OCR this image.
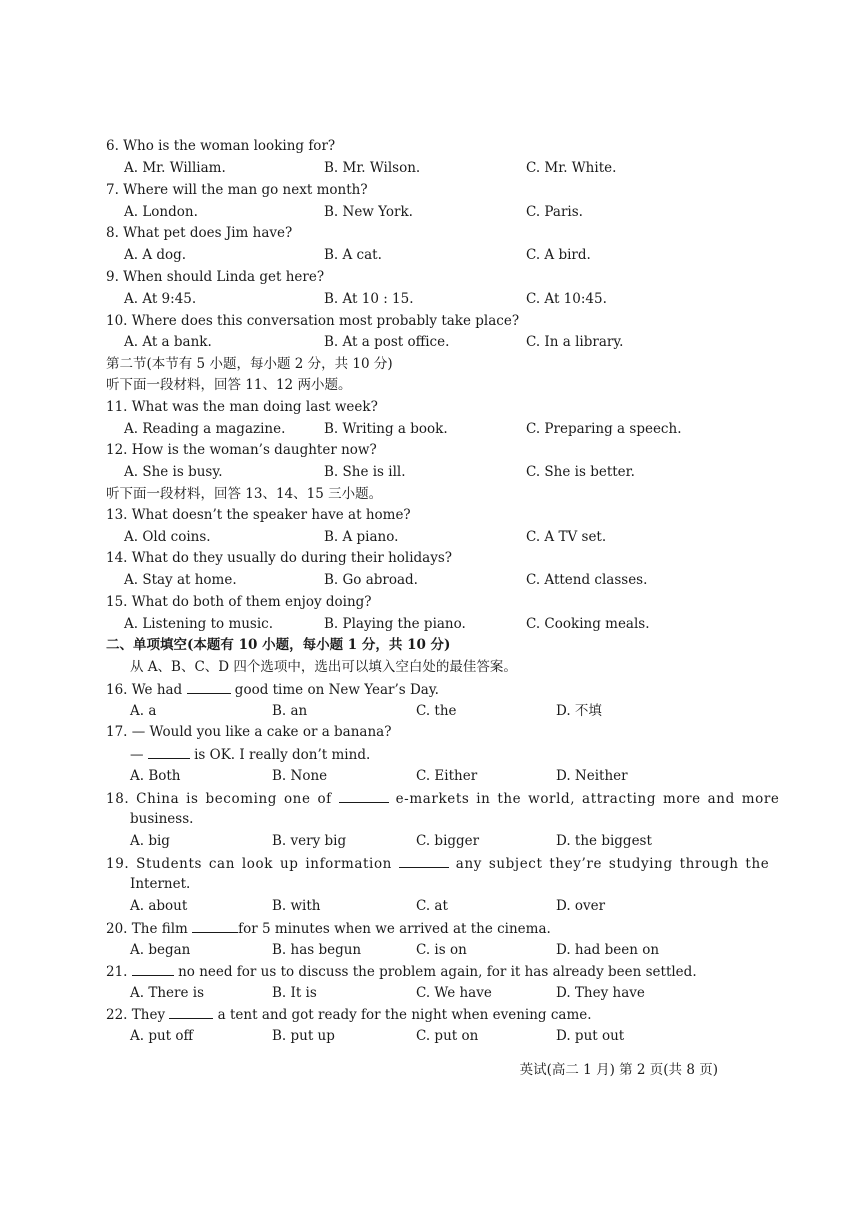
6. Who is the woman looking for?
A. Mr. William.	B. Mr. Wilson.	C. Mr. White.
7. Where will the man go next month?
A. London.	B. New York.	C. Paris.
8. What pet does Jim have?
A. A dog.	B. A cat.	C. A bird.
9. When should Linda get here?
A. At 9:45.	B. At 10 : 15.	C. At 10:45.
10. Where does this conversation most probably take place?
A. At a bank.	B. At a post office.	C. In a library.
第二节(本节有 5 小题，每小题 2 分，共 10 分)
听下面一段材料，回答 11、12 两小题。
11. What was the man doing last week?
A. Reading a magazine.	B. Writing a book.	C. Preparing a speech.
12. How is the woman’s daughter now?
A. She is busy.	B. She is ill.	C. She is better.
听下面一段材料，回答 13、14、15 三小题。
13. What doesn’t the speaker have at home?
A. Old coins.	B. A piano.	C. A TV set.
14. What do they usually do during their holidays?
A. Stay at home.	B. Go abroad.	C. Attend classes.
15. What do both of them enjoy doing?
A. Listening to music.	B. Playing the piano.	C. Cooking meals.
二、单项填空(本题有 10 小题，每小题 1 分，共 10 分)
从 A、B、C、D 四个选项中，选出可以填入空白处的最佳答案。
16. We had	good time on New Year’s Day.
A. a	B. an	C. the	D. 不填
17. — Would you like a cake or a banana?
—	is OK. I really don’t mind.
A. Both	B. None	C. Either	D. Neither
18. China is becoming one of	e-markets in the world, attracting more and more
business.
A. big	B. very big	C. bigger	D. the biggest
19. Students can look up information	any subject they’re studying through the
Internet.
A. about	B. with	C. at	D. over
20. The film	for 5 minutes when we arrived at the cinema.
A. began	B. has begun	C. is on	D. had been on
21.	no need for us to discuss the problem again, for it has already been settled.
A. There is	B. It is	C. We have	D. They have
22. They	a tent and got ready for the night when evening came.
A. put off	B. put up	C. put on	D. put out
英试(高二 1 月) 第 2 页(共 8 页)
